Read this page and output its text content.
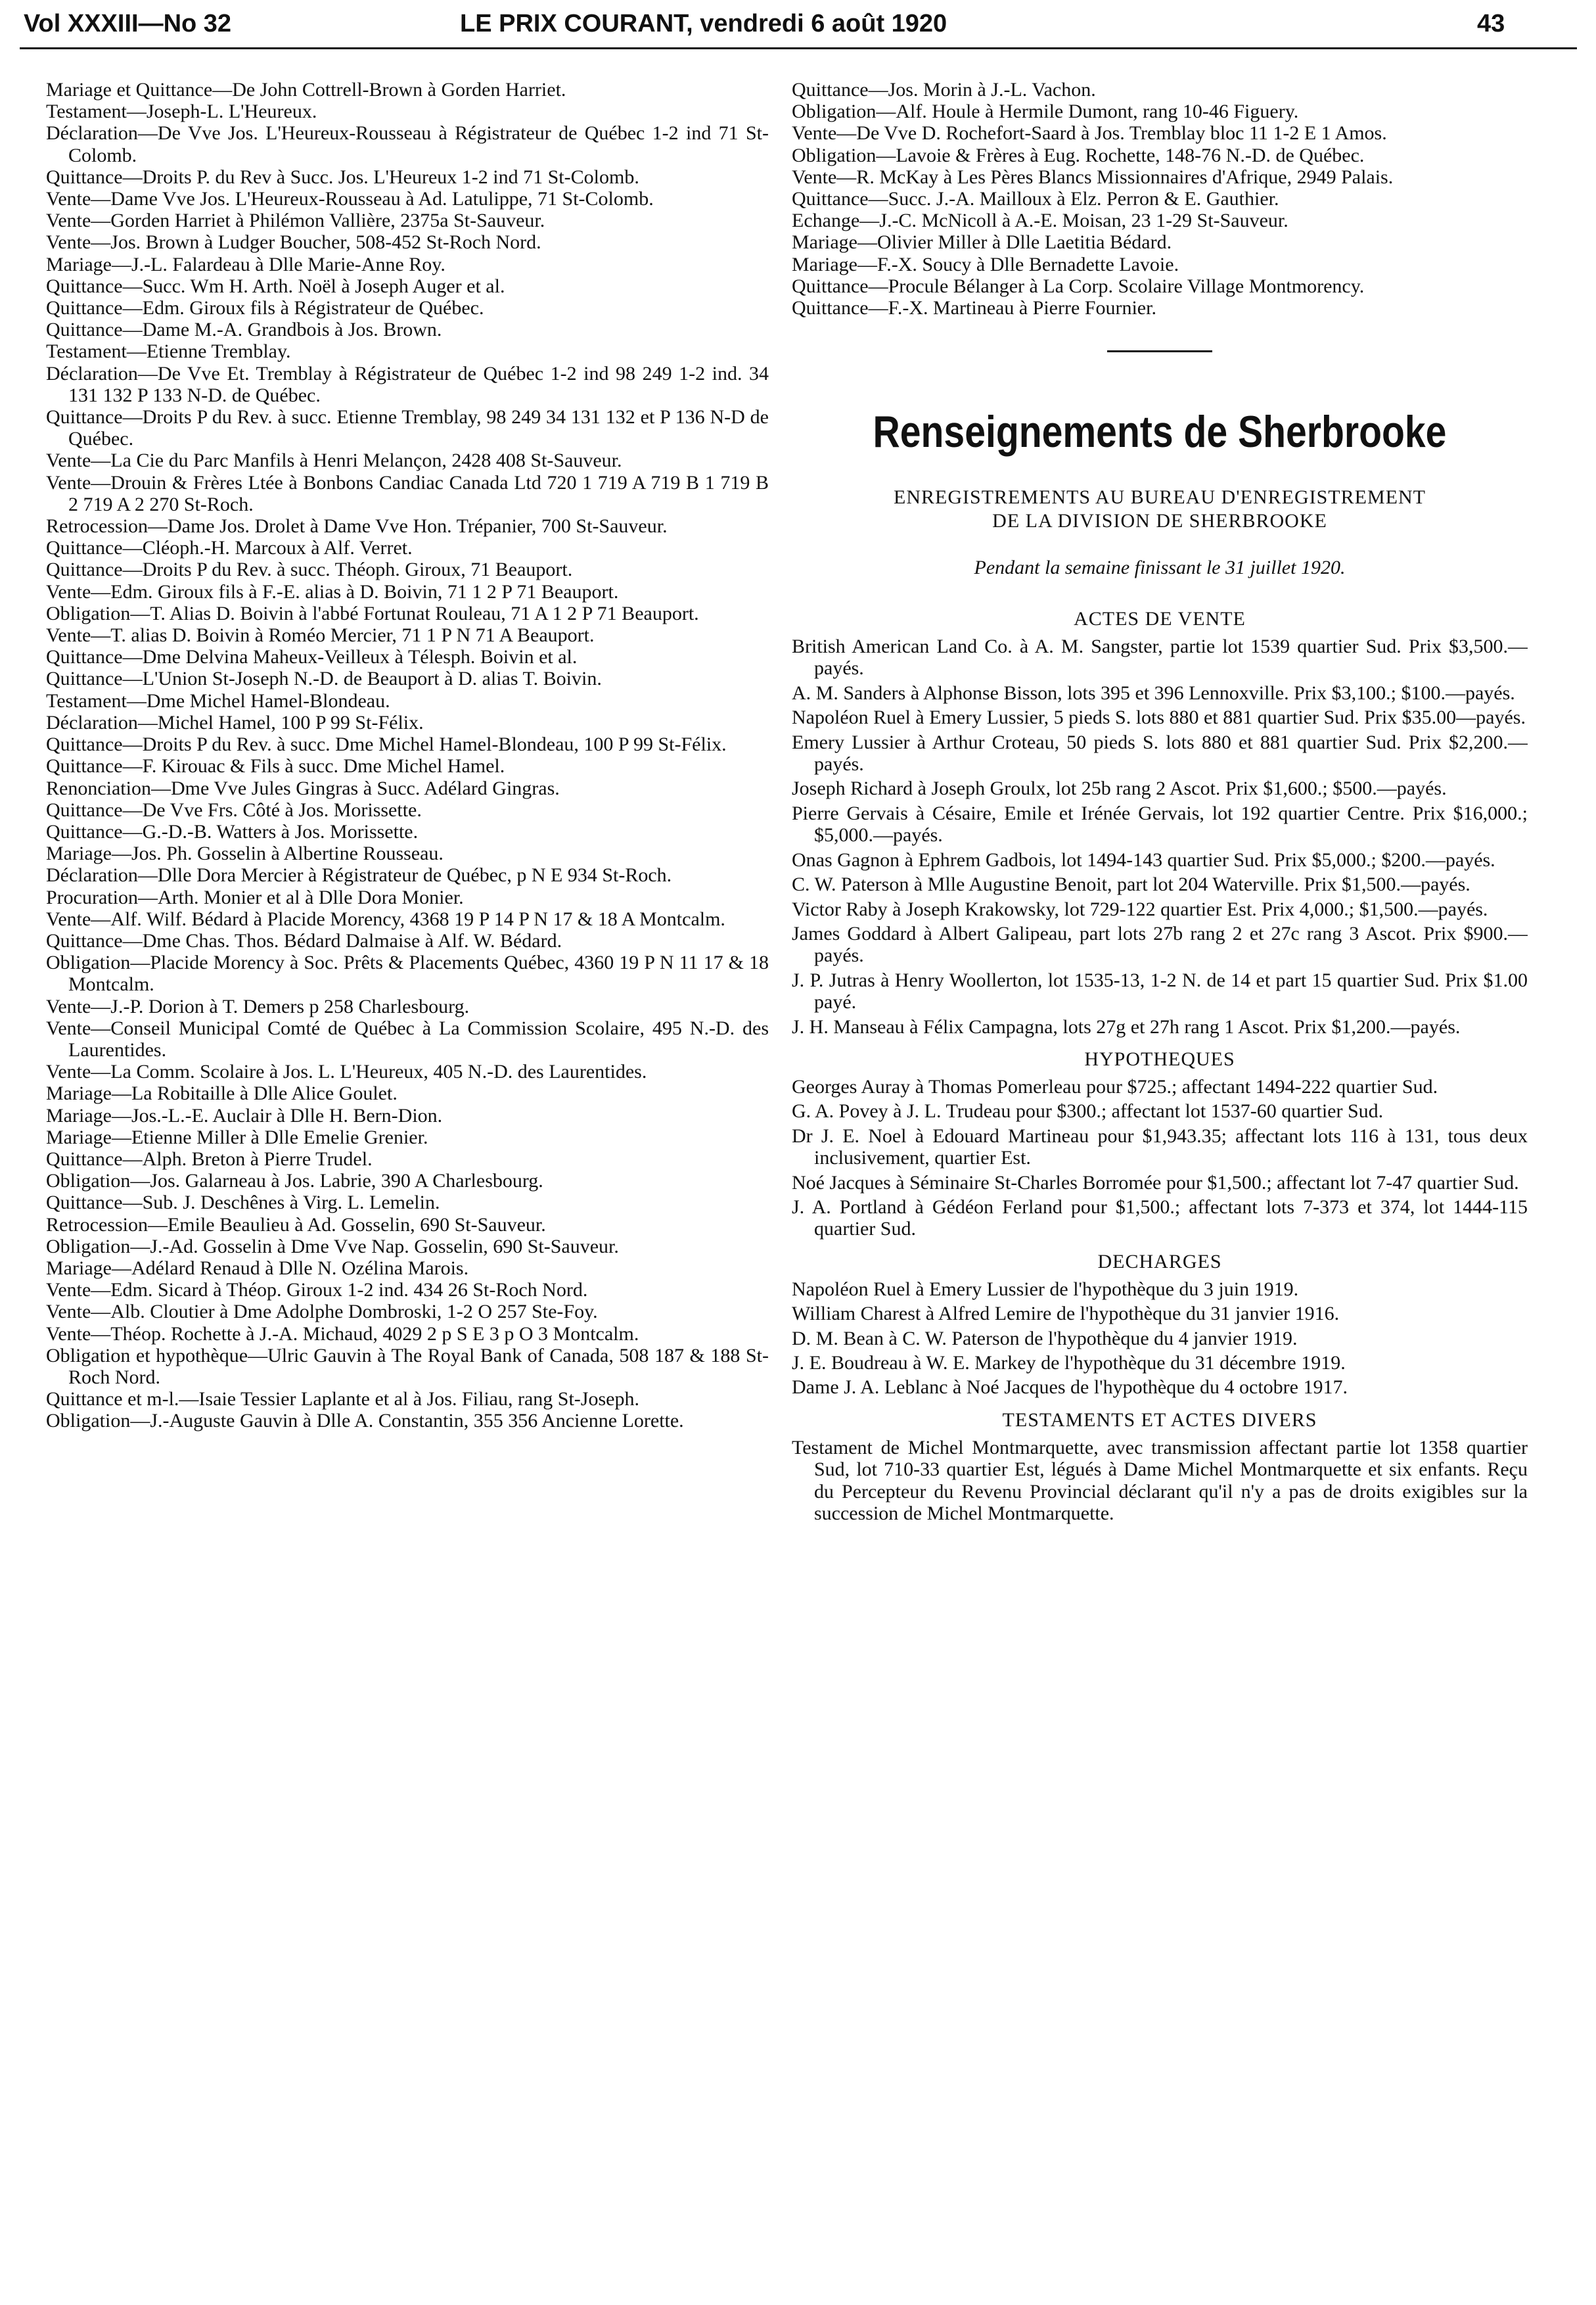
Vol XXXIII—No 32	LE PRIX COURANT, vendredi 6 août 1920	43
Mariage et Quittance—De John Cottrell-Brown à Gorden Harriet.
Testament—Joseph-L. L'Heureux.
Déclaration—De Vve Jos. L'Heureux-Rousseau à Régistrateur de Québec 1-2 ind 71 St-Colomb.
Quittance—Droits P. du Rev à Succ. Jos. L'Heureux 1-2 ind 71 St-Colomb.
Vente—Dame Vve Jos. L'Heureux-Rousseau à Ad. Latulippe, 71 St-Colomb.
Vente—Gorden Harriet à Philémon Vallière, 2375a St-Sauveur.
Vente—Jos. Brown à Ludger Boucher, 508-452 St-Roch Nord.
Mariage—J.-L. Falardeau à Dlle Marie-Anne Roy.
Quittance—Succ. Wm H. Arth. Noël à Joseph Auger et al.
Quittance—Edm. Giroux fils à Régistrateur de Québec.
Quittance—Dame M.-A. Grandbois à Jos. Brown.
Testament—Etienne Tremblay.
Déclaration—De Vve Et. Tremblay à Régistrateur de Québec 1-2 ind 98 249 1-2 ind. 34 131 132 P 133 N-D. de Québec.
Quittance—Droits P du Rev. à succ. Etienne Tremblay, 98 249 34 131 132 et P 136 N-D de Québec.
Vente—La Cie du Parc Manfils à Henri Melançon, 2428 408 St-Sauveur.
Vente—Drouin & Frères Ltée à Bonbons Candiac Canada Ltd 720 1 719 A 719 B 1 719 B 2 719 A 2 270 St-Roch.
Retrocession—Dame Jos. Drolet à Dame Vve Hon. Trépanier, 700 St-Sauveur.
Quittance—Cléoph.-H. Marcoux à Alf. Verret.
Quittance—Droits P du Rev. à succ. Théoph. Giroux, 71 Beauport.
Vente—Edm. Giroux fils à F.-E. alias à D. Boivin, 71 1 2 P 71 Beauport.
Obligation—T. Alias D. Boivin à l'abbé Fortunat Rouleau, 71 A 1 2 P 71 Beauport.
Vente—T. alias D. Boivin à Roméo Mercier, 71 1 P N 71 A Beauport.
Quittance—Dme Delvina Maheux-Veilleux à Télesph. Boivin et al.
Quittance—L'Union St-Joseph N.-D. de Beauport à D. alias T. Boivin.
Testament—Dme Michel Hamel-Blondeau.
Déclaration—Michel Hamel, 100 P 99 St-Félix.
Quittance—Droits P du Rev. à succ. Dme Michel Hamel-Blondeau, 100 P 99 St-Félix.
Quittance—F. Kirouac & Fils à succ. Dme Michel Hamel.
Renonciation—Dme Vve Jules Gingras à Succ. Adélard Gingras.
Quittance—De Vve Frs. Côté à Jos. Morissette.
Quittance—G.-D.-B. Watters à Jos. Morissette.
Mariage—Jos. Ph. Gosselin à Albertine Rousseau.
Déclaration—Dlle Dora Mercier à Régistrateur de Québec, p N E 934 St-Roch.
Procuration—Arth. Monier et al à Dlle Dora Monier.
Vente—Alf. Wilf. Bédard à Placide Morency, 4368 19 P 14 P N 17 & 18 A Montcalm.
Quittance—Dme Chas. Thos. Bédard Dalmaise à Alf. W. Bédard.
Obligation—Placide Morency à Soc. Prêts & Placements Québec, 4360 19 P N 11 17 & 18 Montcalm.
Vente—J.-P. Dorion à T. Demers p 258 Charlesbourg.
Vente—Conseil Municipal Comté de Québec à La Commission Scolaire, 495 N.-D. des Laurentides.
Vente—La Comm. Scolaire à Jos. L. L'Heureux, 405 N.-D. des Laurentides.
Mariage—La Robitaille à Dlle Alice Goulet.
Mariage—Jos.-L.-E. Auclair à Dlle H. Bern-Dion.
Mariage—Etienne Miller à Dlle Emelie Grenier.
Quittance—Alph. Breton à Pierre Trudel.
Obligation—Jos. Galarneau à Jos. Labrie, 390 A Charlesbourg.
Quittance—Sub. J. Deschênes à Virg. L. Lemelin.
Retrocession—Emile Beaulieu à Ad. Gosselin, 690 St-Sauveur.
Obligation—J.-Ad. Gosselin à Dme Vve Nap. Gosselin, 690 St-Sauveur.
Mariage—Adélard Renaud à Dlle N. Ozélina Marois.
Vente—Edm. Sicard à Théop. Giroux 1-2 ind. 434 26 St-Roch Nord.
Vente—Alb. Cloutier à Dme Adolphe Dombroski, 1-2 O 257 Ste-Foy.
Vente—Théop. Rochette à J.-A. Michaud, 4029 2 p S E 3 p O 3 Montcalm.
Obligation et hypothèque—Ulric Gauvin à The Royal Bank of Canada, 508 187 & 188 St-Roch Nord.
Quittance et m-l.—Isaie Tessier Laplante et al à Jos. Filiau, rang St-Joseph.
Obligation—J.-Auguste Gauvin à Dlle A. Constantin, 355 356 Ancienne Lorette.
Quittance—Jos. Morin à J.-L. Vachon.
Obligation—Alf. Houle à Hermile Dumont, rang 10-46 Figuery.
Vente—De Vve D. Rochefort-Saard à Jos. Tremblay bloc 11 1-2 E 1 Amos.
Obligation—Lavoie & Frères à Eug. Rochette, 148-76 N.-D. de Québec.
Vente—R. McKay à Les Pères Blancs Missionnaires d'Afrique, 2949 Palais.
Quittance—Succ. J.-A. Mailloux à Elz. Perron & E. Gauthier.
Echange—J.-C. McNicoll à A.-E. Moisan, 23 1-29 St-Sauveur.
Mariage—Olivier Miller à Dlle Laetitia Bédard.
Mariage—F.-X. Soucy à Dlle Bernadette Lavoie.
Quittance—Procule Bélanger à La Corp. Scolaire Village Montmorency.
Quittance—F.-X. Martineau à Pierre Fournier.
Renseignements de Sherbrooke
ENREGISTREMENTS AU BUREAU D'ENREGISTREMENT
DE LA DIVISION DE SHERBROOKE
Pendant la semaine finissant le 31 juillet 1920.
ACTES DE VENTE
British American Land Co. à A. M. Sangster, partie lot 1539 quartier Sud. Prix $3,500.—payés.
A. M. Sanders à Alphonse Bisson, lots 395 et 396 Lennoxville. Prix $3,100.; $100.—payés.
Napoléon Ruel à Emery Lussier, 5 pieds S. lots 880 et 881 quartier Sud. Prix $35.00—payés.
Emery Lussier à Arthur Croteau, 50 pieds S. lots 880 et 881 quartier Sud. Prix $2,200.—payés.
Joseph Richard à Joseph Groulx, lot 25b rang 2 Ascot. Prix $1,600.; $500.—payés.
Pierre Gervais à Césaire, Emile et Irénée Gervais, lot 192 quartier Centre. Prix $16,000.; $5,000.—payés.
Onas Gagnon à Ephrem Gadbois, lot 1494-143 quartier Sud. Prix $5,000.; $200.—payés.
C. W. Paterson à Mlle Augustine Benoit, part lot 204 Waterville. Prix $1,500.—payés.
Victor Raby à Joseph Krakowsky, lot 729-122 quartier Est. Prix 4,000.; $1,500.—payés.
James Goddard à Albert Galipeau, part lots 27b rang 2 et 27c rang 3 Ascot. Prix $900.—payés.
J. P. Jutras à Henry Woollerton, lot 1535-13, 1-2 N. de 14 et part 15 quartier Sud. Prix $1.00 payé.
J. H. Manseau à Félix Campagna, lots 27g et 27h rang 1 Ascot. Prix $1,200.—payés.
HYPOTHEQUES
Georges Auray à Thomas Pomerleau pour $725.; affectant 1494-222 quartier Sud.
G. A. Povey à J. L. Trudeau pour $300.; affectant lot 1537-60 quartier Sud.
Dr J. E. Noel à Edouard Martineau pour $1,943.35; affectant lots 116 à 131, tous deux inclusivement, quartier Est.
Noé Jacques à Séminaire St-Charles Borromée pour $1,500.; affectant lot 7-47 quartier Sud.
J. A. Portland à Gédéon Ferland pour $1,500.; affectant lots 7-373 et 374, lot 1444-115 quartier Sud.
DECHARGES
Napoléon Ruel à Emery Lussier de l'hypothèque du 3 juin 1919.
William Charest à Alfred Lemire de l'hypothèque du 31 janvier 1916.
D. M. Bean à C. W. Paterson de l'hypothèque du 4 janvier 1919.
J. E. Boudreau à W. E. Markey de l'hypothèque du 31 décembre 1919.
Dame J. A. Leblanc à Noé Jacques de l'hypothèque du 4 octobre 1917.
TESTAMENTS ET ACTES DIVERS
Testament de Michel Montmarquette, avec transmission affectant partie lot 1358 quartier Sud, lot 710-33 quartier Est, légués à Dame Michel Montmarquette et six enfants. Reçu du Percepteur du Revenu Provincial déclarant qu'il n'y a pas de droits exigibles sur la succession de Michel Montmarquette.
